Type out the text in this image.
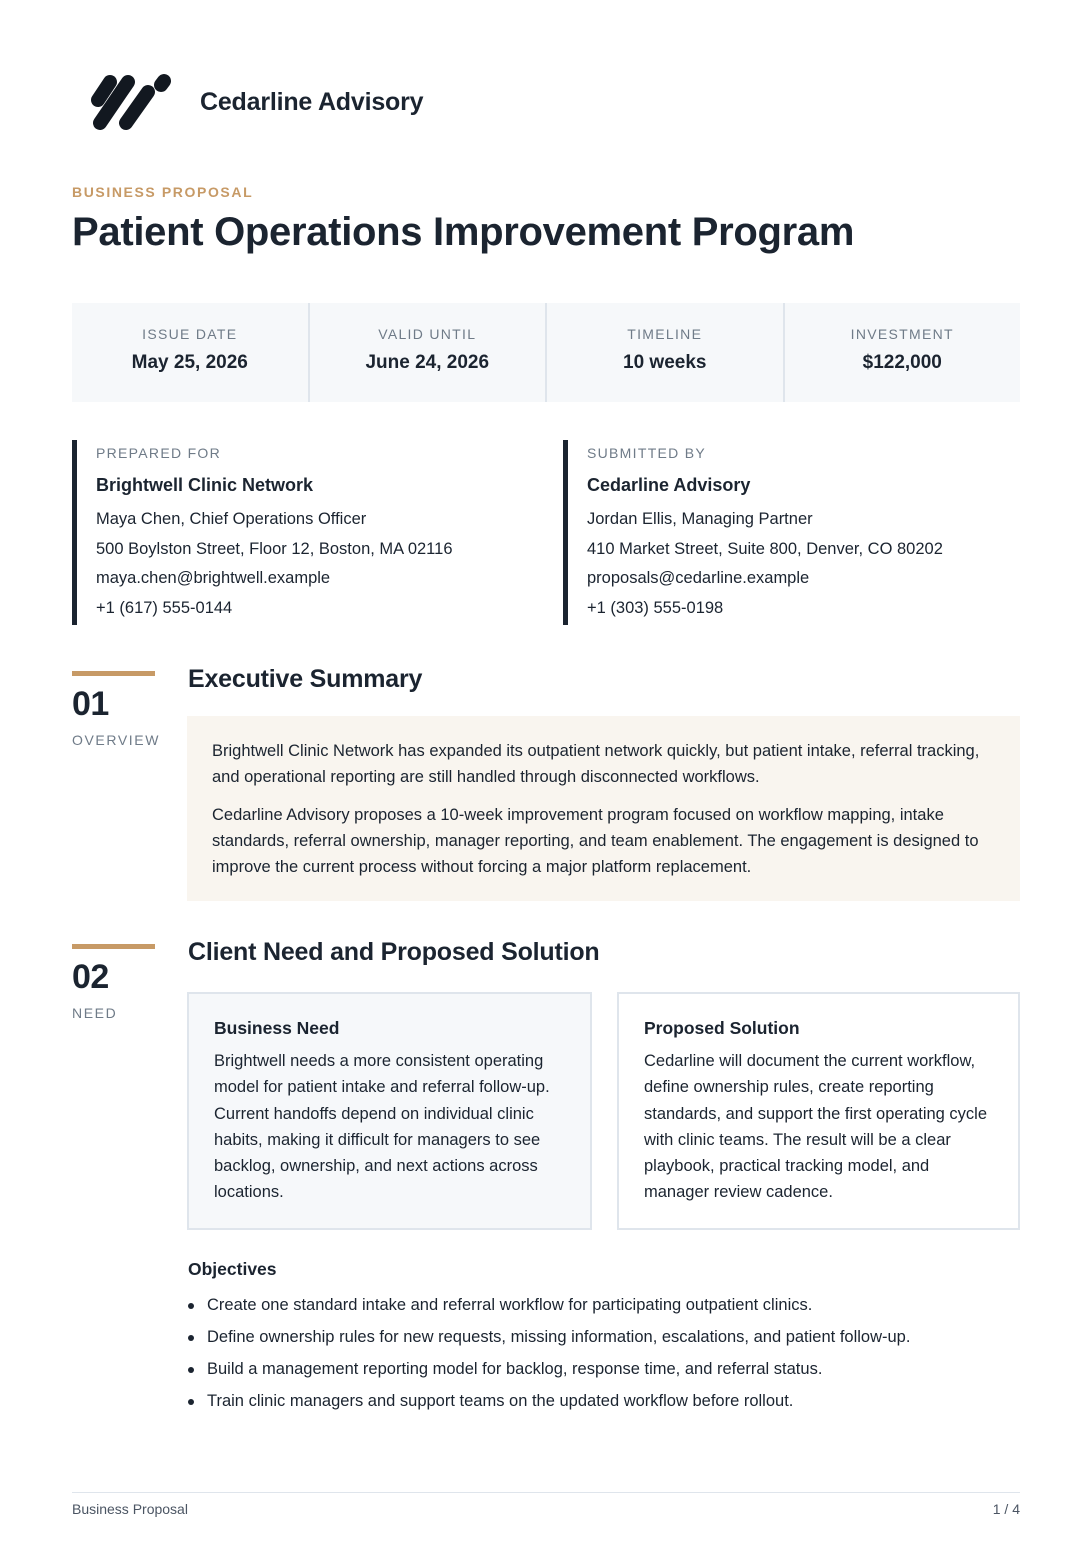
Cedarline Advisory
BUSINESS PROPOSAL
Patient Operations Improvement Program
ISSUE DATE
May 25, 2026
VALID UNTIL
June 24, 2026
TIMELINE
10 weeks
INVESTMENT
$122,000
PREPARED FOR
Brightwell Clinic Network
Maya Chen, Chief Operations Officer
500 Boylston Street, Floor 12, Boston, MA 02116
maya.chen@brightwell.example
+1 (617) 555-0144
SUBMITTED BY
Cedarline Advisory
Jordan Ellis, Managing Partner
410 Market Street, Suite 800, Denver, CO 80202
proposals@cedarline.example
+1 (303) 555-0198
01
OVERVIEW
Executive Summary

Brightwell Clinic Network has expanded its outpatient network quickly, but patient intake, referral tracking, and operational reporting are still handled through disconnected workflows.

Cedarline Advisory proposes a 10-week improvement program focused on workflow mapping, intake standards, referral ownership, manager reporting, and team enablement. The engagement is designed to improve the current process without forcing a major platform replacement.

02
NEED
Client Need and Proposed Solution
Business Need
Brightwell needs a more consistent operating model for patient intake and referral follow-up. Current handoffs depend on individual clinic habits, making it difficult for managers to see backlog, ownership, and next actions across locations.
Proposed Solution
Cedarline will document the current workflow, define ownership rules, create reporting standards, and support the first operating cycle with clinic teams. The result will be a clear playbook, practical tracking model, and manager review cadence.
Objectives
Create one standard intake and referral workflow for participating outpatient clinics.
Define ownership rules for new requests, missing information, escalations, and patient follow-up.
Build a management reporting model for backlog, response time, and referral status.
Train clinic managers and support teams on the updated workflow before rollout.
Business Proposal	1 / 4
